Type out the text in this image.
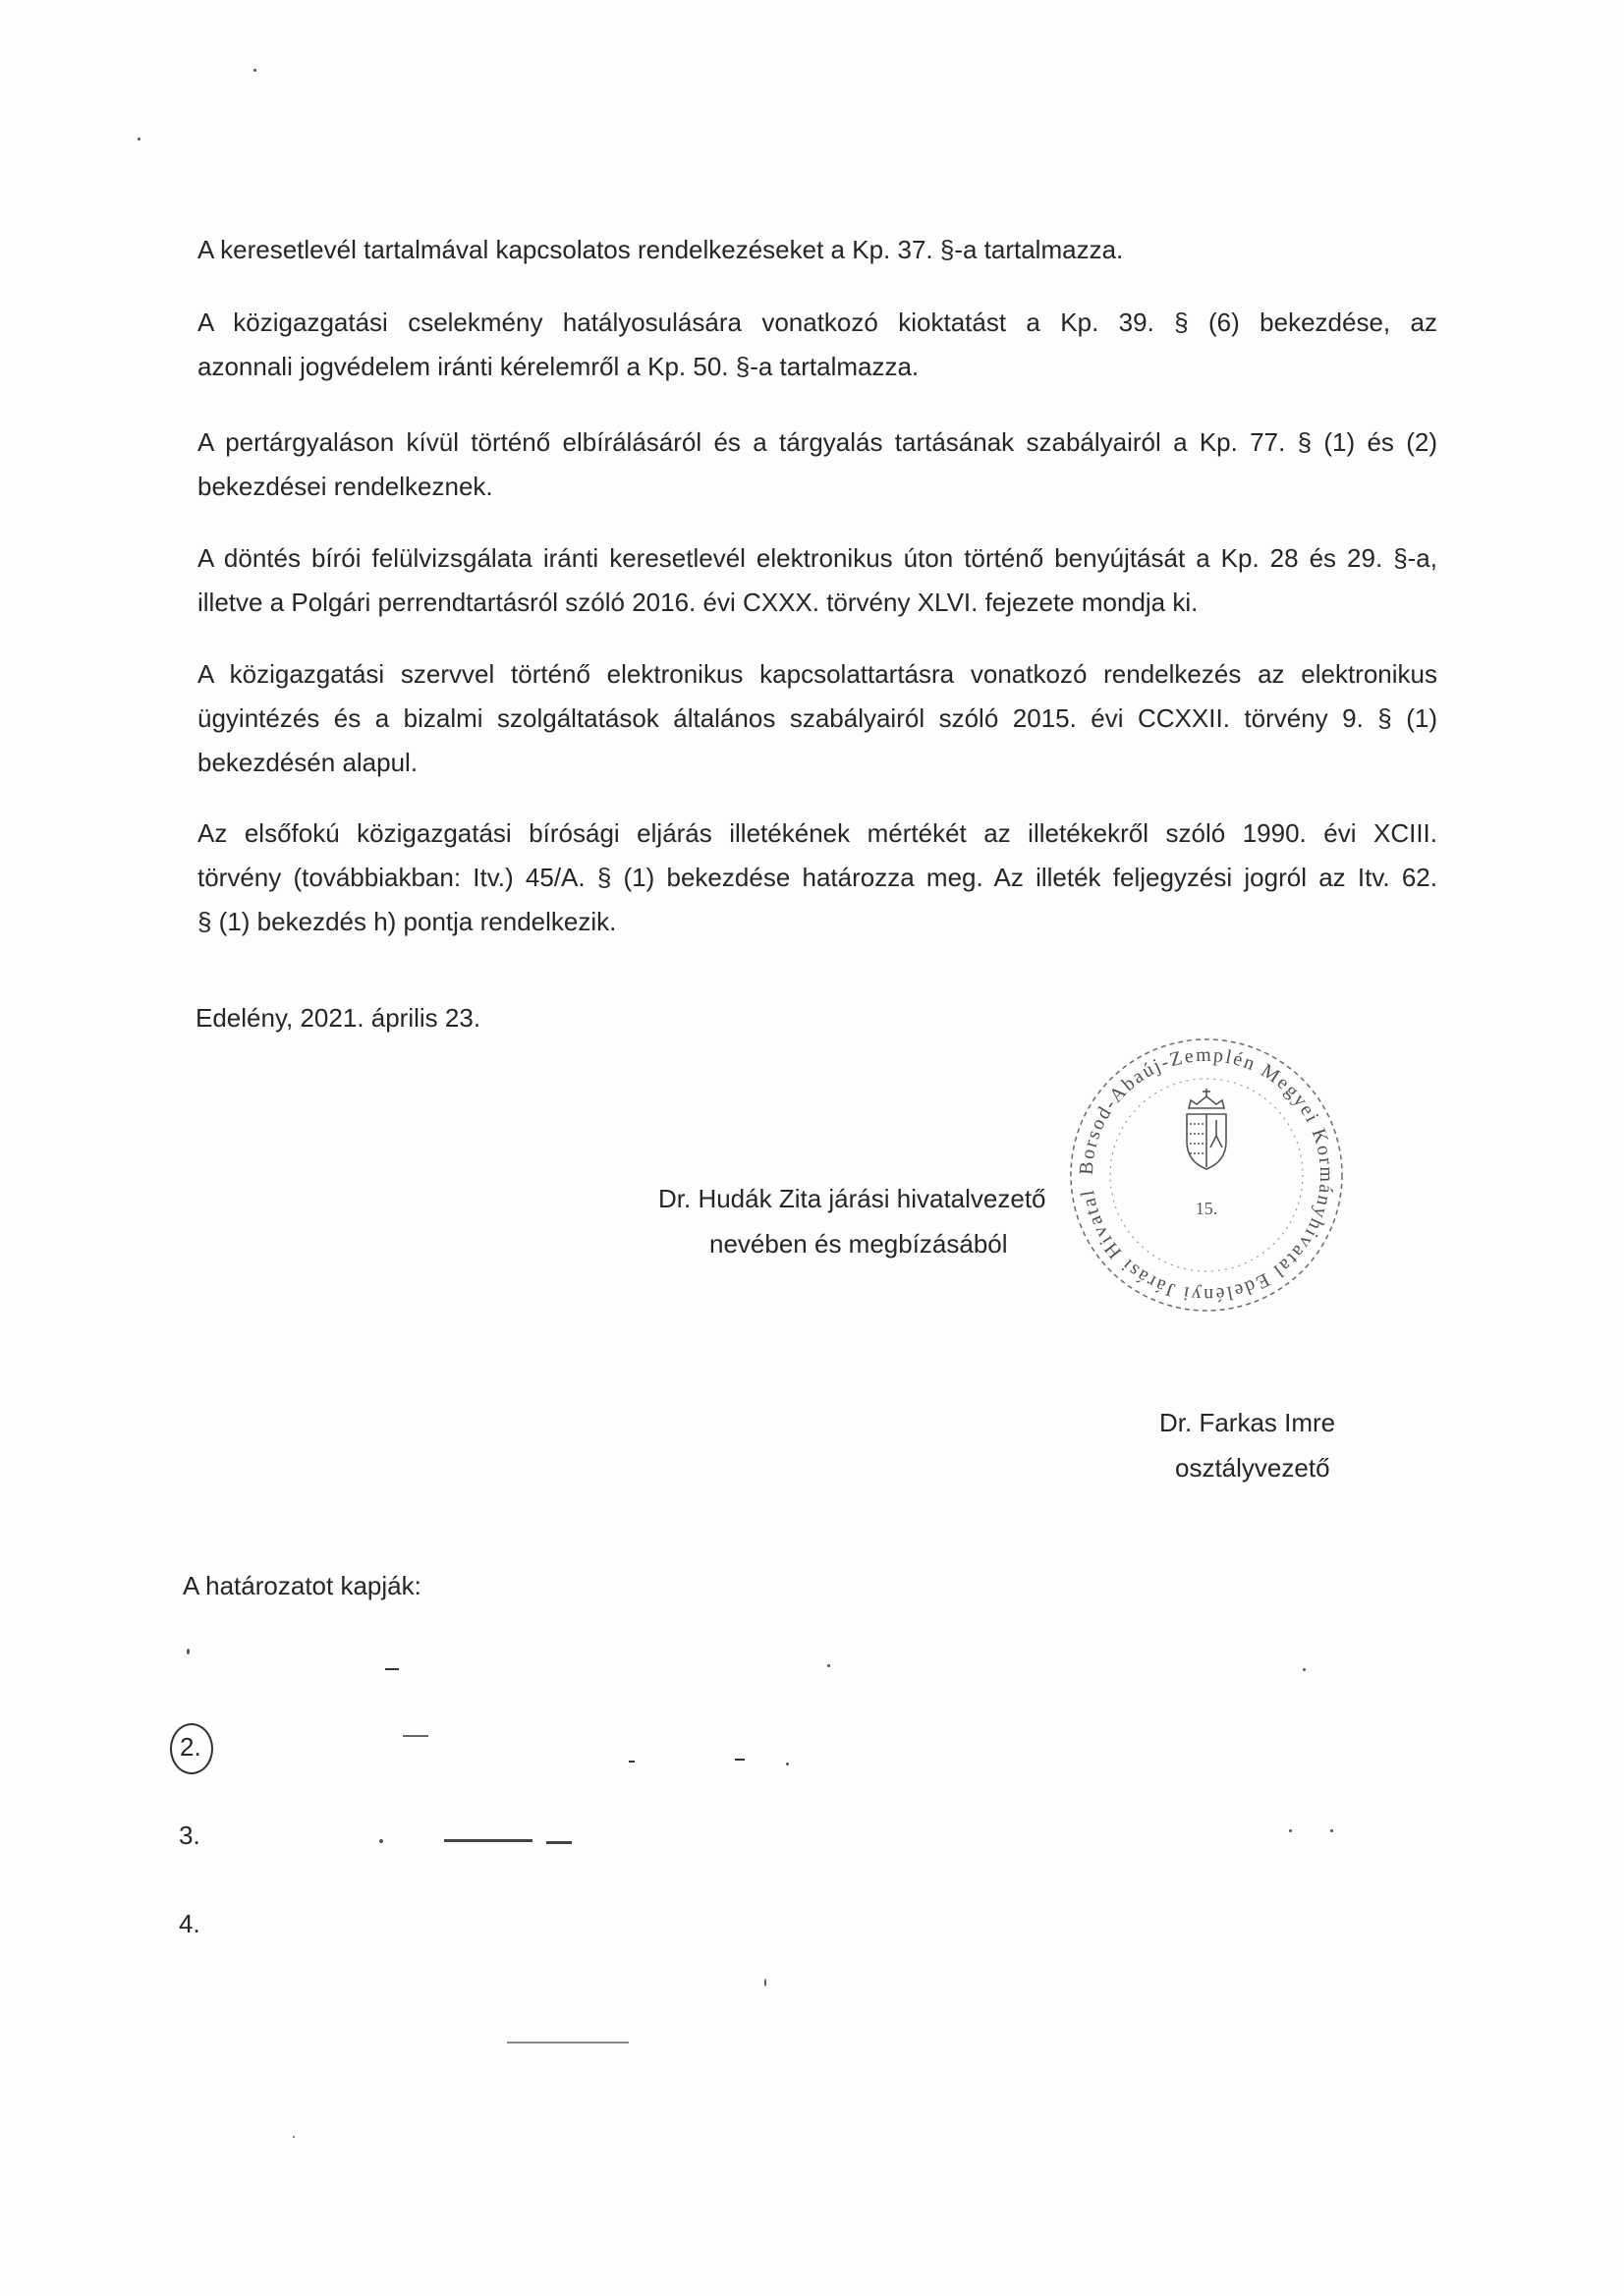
A keresetlevél tartalmával kapcsolatos rendelkezéseket a Kp. 37. §-a tartalmazza.
A közigazgatási cselekmény hatályosulására vonatkozó kioktatást a Kp. 39. § (6) bekezdése, az
azonnali jogvédelem iránti kérelemről a Kp. 50. §-a tartalmazza.
A pertárgyaláson kívül történő elbírálásáról és a tárgyalás tartásának szabályairól a Kp. 77. § (1) és (2)
bekezdései rendelkeznek.
A döntés bírói felülvizsgálata iránti keresetlevél elektronikus úton történő benyújtását a Kp. 28 és 29. §-a,
illetve a Polgári perrendtartásról szóló 2016. évi CXXX. törvény XLVI. fejezete mondja ki.
A közigazgatási szervvel történő elektronikus kapcsolattartásra vonatkozó rendelkezés az elektronikus
ügyintézés és a bizalmi szolgáltatások általános szabályairól szóló 2015. évi CCXXII. törvény 9. § (1)
bekezdésén alapul.
Az elsőfokú közigazgatási bírósági eljárás illetékének mértékét az illetékekről szóló 1990. évi XCIII.
törvény (továbbiakban: Itv.) 45/A. § (1) bekezdése határozza meg. Az illeték feljegyzési jogról az Itv. 62.
§ (1) bekezdés h) pontja rendelkezik.
Edelény, 2021. április 23.
Dr. Hudák Zita járási hivatalvezető
nevében és megbízásából
Borsod-Abaúj-Zemplén Megyei Kormányhivatal Edelényi Járási Hivatal
15.
Dr. Farkas Imre
osztályvezető
A határozatot kapják:
2.
3.
4.
